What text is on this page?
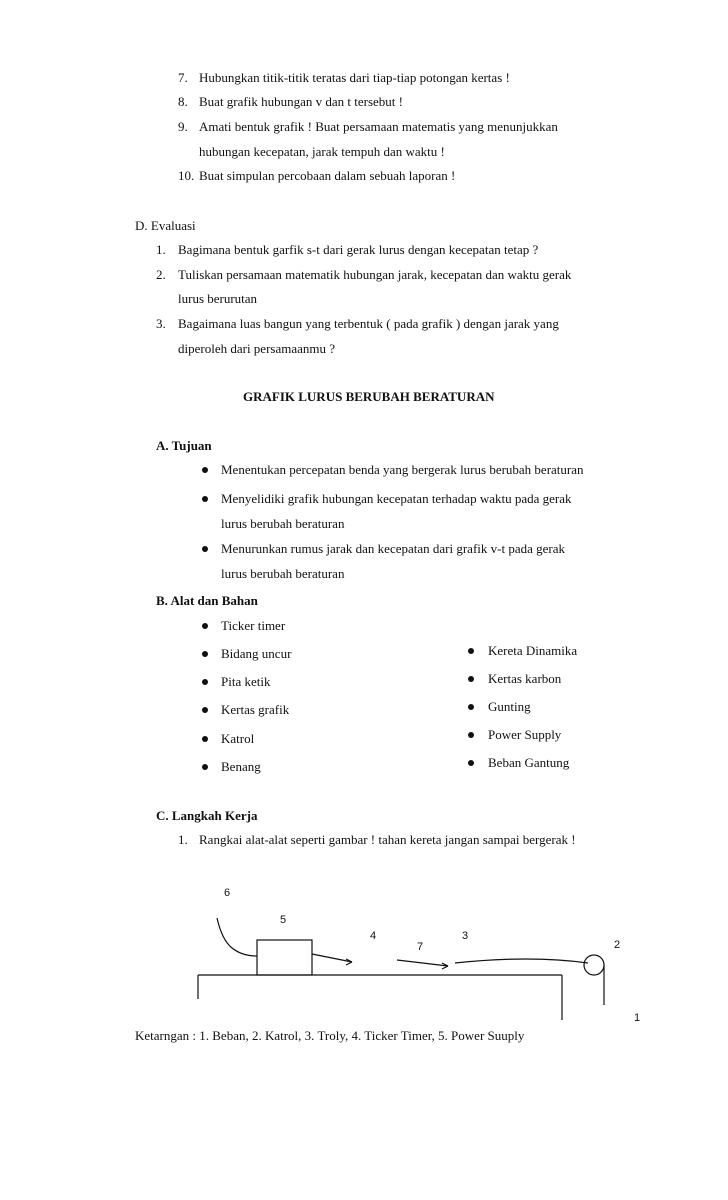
7. Hubungkan titik-titik teratas dari tiap-tiap potongan kertas !
8. Buat grafik hubungan v dan t tersebut !
9. Amati bentuk grafik ! Buat persamaan matematis yang menunjukkan
hubungan kecepatan, jarak tempuh dan waktu !
10. Buat simpulan percobaan dalam sebuah laporan !
D. Evaluasi
1. Bagimana bentuk garfik s-t dari gerak lurus dengan kecepatan tetap ?
2. Tuliskan persamaan matematik hubungan jarak, kecepatan dan waktu gerak
lurus berurutan
3. Bagaimana luas bangun yang terbentuk ( pada grafik ) dengan jarak yang
diperoleh dari persamaanmu ?
GRAFIK LURUS BERUBAH BERATURAN
A. Tujuan
Menentukan percepatan benda yang bergerak lurus berubah beraturan
Menyelidiki grafik hubungan kecepatan terhadap waktu pada gerak
lurus berubah beraturan
Menurunkan rumus jarak dan kecepatan dari grafik v-t pada gerak
lurus berubah beraturan
B. Alat dan Bahan
Ticker timer
Bidang uncur
Pita ketik
Kertas grafik
Katrol
Benang
Kereta Dinamika
Kertas karbon
Gunting
Power Supply
Beban Gantung
C. Langkah Kerja
1. Rangkai alat-alat seperti gambar ! tahan kereta jangan sampai bergerak !
6
5
4	3
7	2
1
Ketarngan : 1. Beban, 2. Katrol, 3. Troly, 4. Ticker Timer, 5. Power Suuply
